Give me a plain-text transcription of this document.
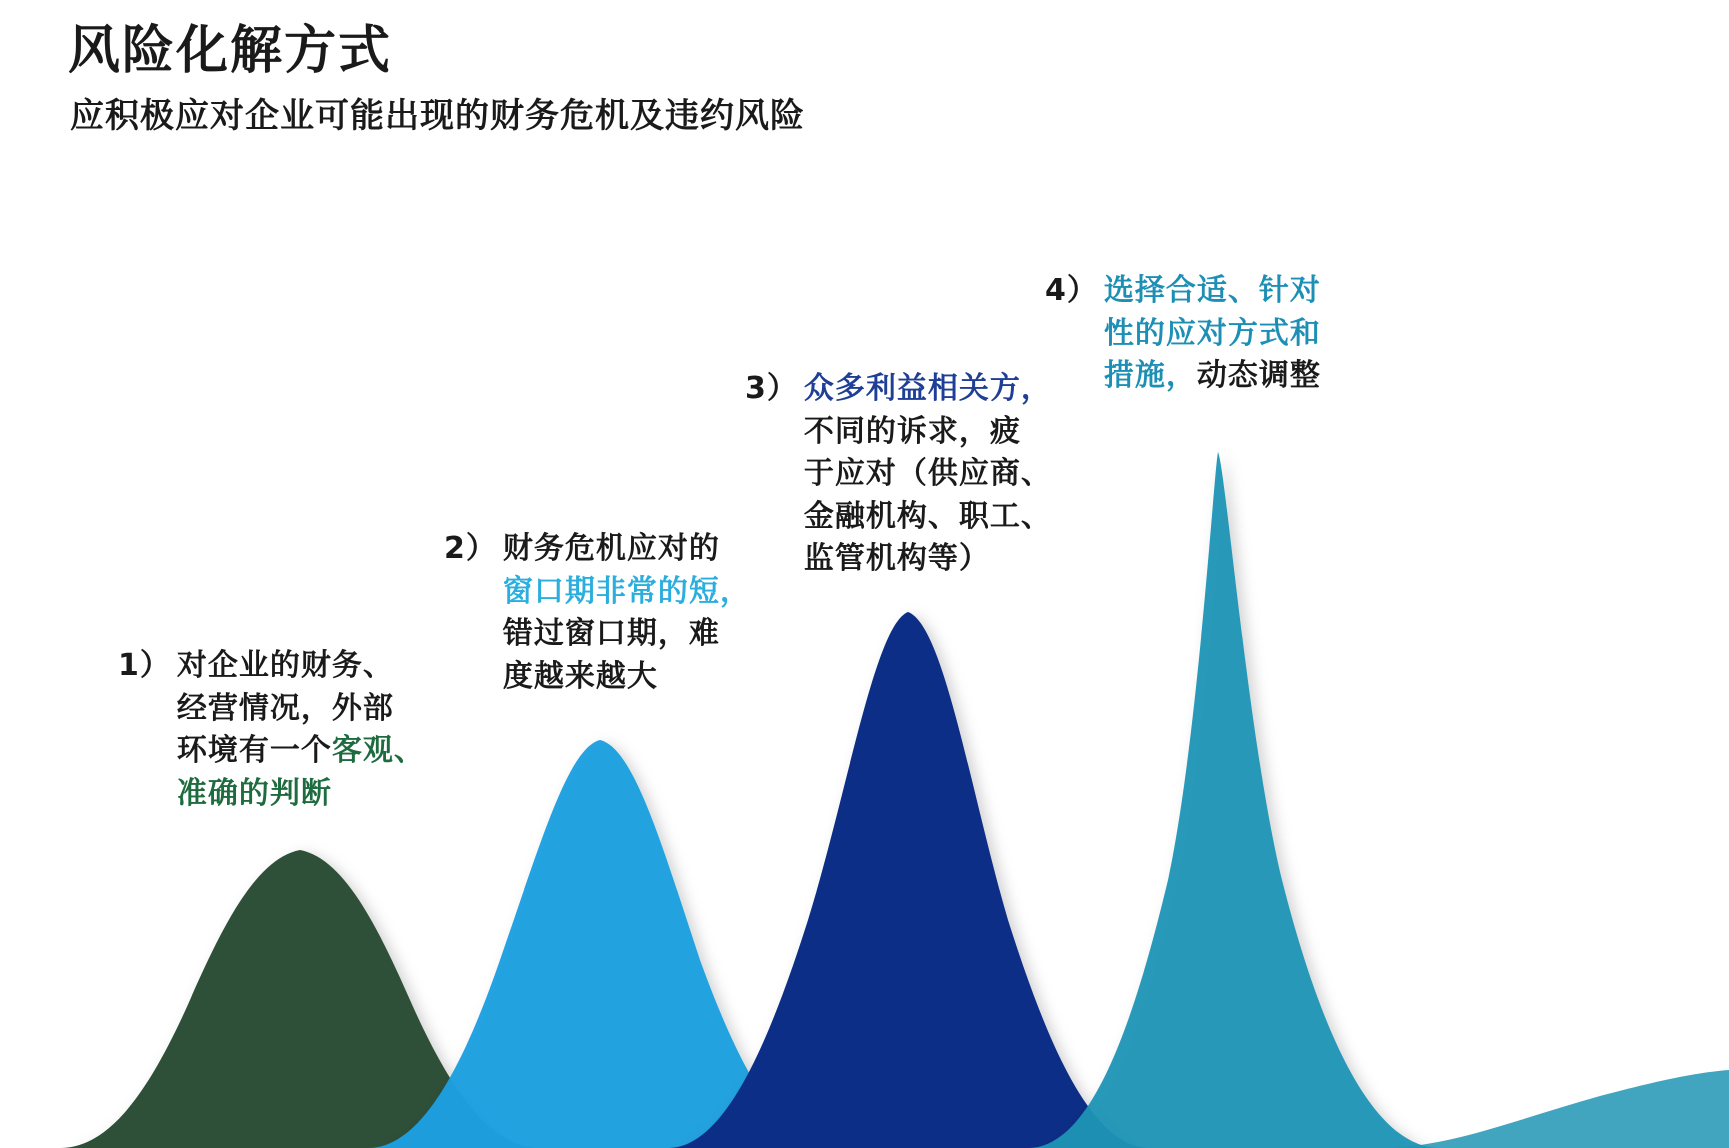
风险化解方式
应积极应对企业可能出现的财务危机及违约风险
1） 对企业的财务、
经营情况，外部
环境有一个客观、
准确的判断
2） 财务危机应对的
窗口期非常的短，
错过窗口期，难
度越来越大
3） 众多利益相关方，
不同的诉求，疲
于应对（供应商、
金融机构、职工、
监管机构等）
4） 选择合适、针对
性的应对方式和
措施，动态调整
